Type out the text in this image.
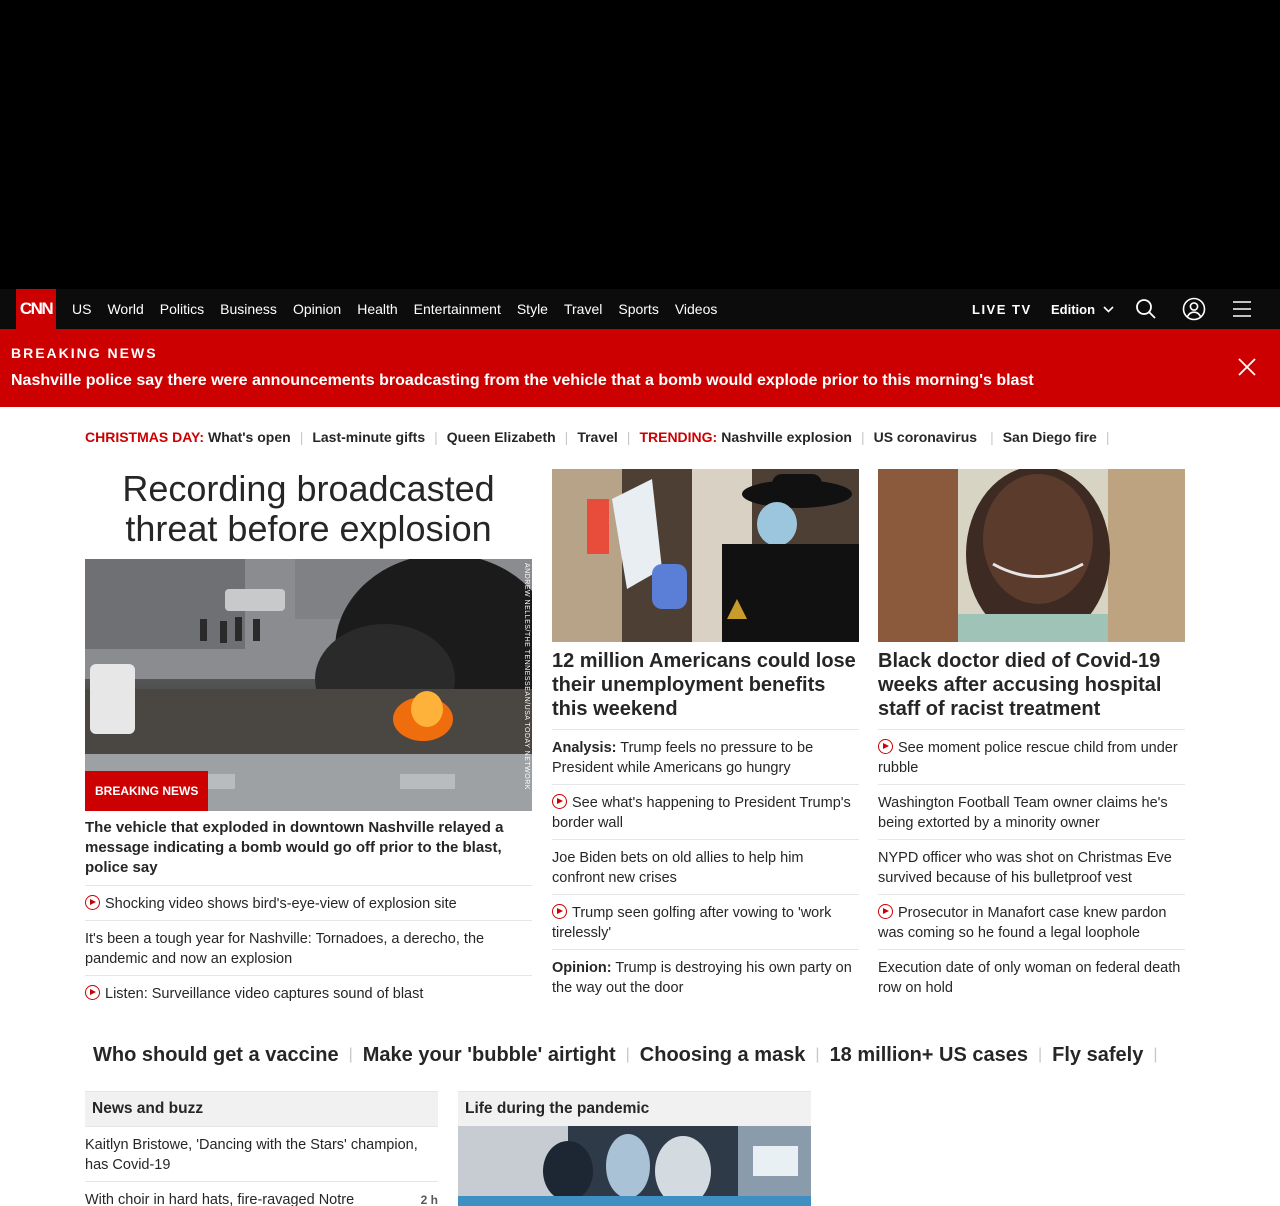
CNN US World Politics Business Opinion Health Entertainment Style Travel Sports Videos	LIVE TV Edition
BREAKING NEWS
Nashville police say there were announcements broadcasting from the vehicle that a bomb would explode prior to this morning's blast
CHRISTMAS DAY: What's open | Last-minute gifts | Queen Elizabeth | Travel | TRENDING: Nashville explosion | US coronavirus | San Diego fire |
Recording broadcasted threat before explosion
ANDREW NELLES/THE TENNESSEAN/USA TODAY NETWORK
BREAKING NEWS
The vehicle that exploded in downtown Nashville relayed a message indicating a bomb would go off prior to the blast, police say
Shocking video shows bird's-eye-view of explosion site
It's been a tough year for Nashville: Tornadoes, a derecho, the pandemic and now an explosion
Listen: Surveillance video captures sound of blast
12 million Americans could lose their unemployment benefits this weekend
Analysis: Trump feels no pressure to be President while Americans go hungry
See what's happening to President Trump's border wall
Joe Biden bets on old allies to help him confront new crises
Trump seen golfing after vowing to 'work tirelessly'
Opinion: Trump is destroying his own party on the way out the door
Black doctor died of Covid-19 weeks after accusing hospital staff of racist treatment
See moment police rescue child from under rubble
Washington Football Team owner claims he's being extorted by a minority owner
NYPD officer who was shot on Christmas Eve survived because of his bulletproof vest
Prosecutor in Manafort case knew pardon was coming so he found a legal loophole
Execution date of only woman on federal death row on hold
Who should get a vaccine | Make your 'bubble' airtight | Choosing a mask | 18 million+ US cases | Fly safely |
News and buzz
Kaitlyn Bristowe, 'Dancing with the Stars' champion, has Covid-19
With choir in hard hats, fire-ravaged Notre	2 h
Life during the pandemic
